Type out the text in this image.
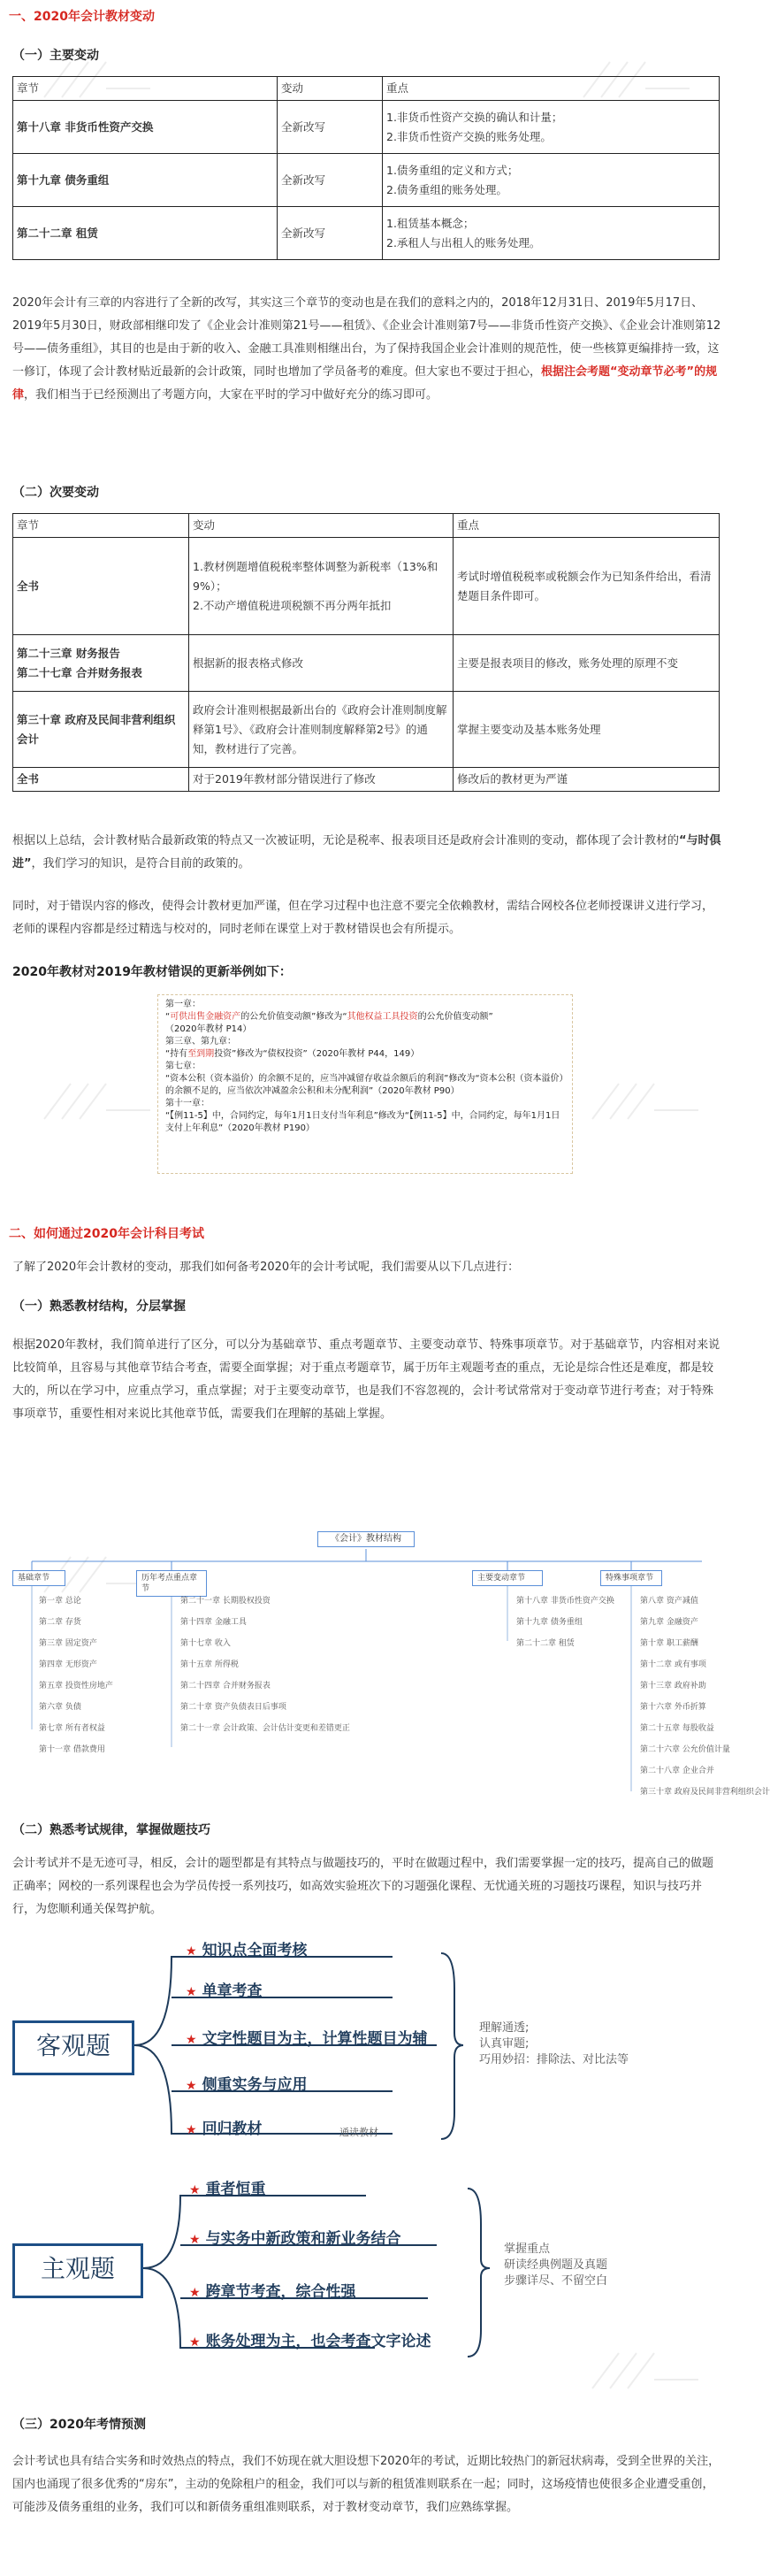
一、2020年会计教材变动
（一）主要变动
章节	变动	重点
第十八章 非货币性资产交换	全新改写	1.非货币性资产交换的确认和计量；
2.非货币性资产交换的账务处理。

第十九章 债务重组	全新改写	1.债务重组的定义和方式；
2.债务重组的账务处理。

第二十二章 租赁	全新改写	1.租赁基本概念；
2.承租人与出租人的账务处理。
2020年会计有三章的内容进行了全新的改写，其实这三个章节的变动也是在我们的意料之内的，2018年12月31日、2019年5月17日、2019年5月30日，财政部相继印发了《企业会计准则第21号——租赁》、《企业会计准则第7号——非货币性资产交换》、《企业会计准则第12号——债务重组》，其目的也是由于新的收入、金融工具准则相继出台，为了保持我国企业会计准则的规范性，使一些核算更编排持一致，这一修订，体现了会计教材贴近最新的会计政策，同时也增加了学员备考的难度。但大家也不要过于担心，根据注会考题“变动章节必考”的规律，我们相当于已经预测出了考题方向，大家在平时的学习中做好充分的练习即可。
（二）次要变动
章节	变动	重点
全书	1.教材例题增值税税率整体调整为新税率（13%和9%）；
2.不动产增值税进项税额不再分两年抵扣	考试时增值税税率或税额会作为已知条件给出，看清楚题目条件即可。
第二十三章 财务报告
第二十七章 合并财务报表	根据新的报表格式修改	主要是报表项目的修改，账务处理的原理不变
第三十章 政府及民间非营利组织会计	政府会计准则根据最新出台的《政府会计准则制度解释第1号》、《政府会计准则制度解释第2号》的通知，教材进行了完善。	掌握主要变动及基本账务处理
全书	对于2019年教材部分错误进行了修改	修改后的教材更为严谨
根据以上总结，会计教材贴合最新政策的特点又一次被证明，无论是税率、报表项目还是政府会计准则的变动，都体现了会计教材的“与时俱进”，我们学习的知识，是符合目前的政策的。
同时，对于错误内容的修改，使得会计教材更加严谨，但在学习过程中也注意不要完全依赖教材，需结合网校各位老师授课讲义进行学习，老师的课程内容都是经过精选与校对的，同时老师在课堂上对于教材错误也会有所提示。
2020年教材对2019年教材错误的更新举例如下：
第一章：
“可供出售金融资产的公允价值变动额”修改为“其他权益工具投资的公允价值变动额”
（2020年教材 P14）
第三章、第九章：
“持有至到期投资”修改为“债权投资”（2020年教材 P44，149）
第七章：
“资本公积（资本溢价）的余额不足的，应当冲减留存收益余额后的利润”修改为“资本公积（资本溢价）的余额不足的，应当依次冲减盈余公积和未分配利润”（2020年教材 P90）
第十一章：
“【例11-5】中，合同约定，每年1月1日支付当年利息”修改为“【例11-5】中，合同约定，每年1月1日支付上年利息”（2020年教材 P190）
二、如何通过2020年会计科目考试
了解了2020年会计教材的变动，那我们如何备考2020年的会计考试呢，我们需要从以下几点进行：
（一）熟悉教材结构，分层掌握
根据2020年教材，我们简单进行了区分，可以分为基础章节、重点考题章节、主要变动章节、特殊事项章节。对于基础章节，内容相对来说比较简单，且容易与其他章节结合考查，需要全面掌握；对于重点考题章节，属于历年主观题考查的重点，无论是综合性还是难度，都是较大的，所以在学习中，应重点学习，重点掌握；对于主要变动章节，也是我们不容忽视的，会计考试常常对于变动章节进行考查；对于特殊事项章节，重要性相对来说比其他章节低，需要我们在理解的基础上掌握。
《会计》教材结构
基础章节	历年考点重点章节
主要变动章节	特殊事项章节
第一章 总论
第二章 存货
第三章 固定资产
第四章 无形资产
第五章 投资性房地产
第六章 负债
第七章 所有者权益
第十一章 借款费用
第二十一章 长期股权投资
第十四章 金融工具
第十七章 收入
第十五章 所得税
第二十四章 合并财务报表
第二十章 资产负债表日后事项
第二十一章 会计政策、会计估计变更和差错更正
第十八章 非货币性资产交换
第十九章 债务重组
第二十二章 租赁
第八章 资产减值
第九章 金融资产
第十章 职工薪酬
第十二章 或有事项
第十三章 政府补助
第十六章 外币折算
第二十五章 每股收益
第二十六章 公允价值计量
第二十八章 企业合并
第三十章 政府及民间非营利组织会计
（二）熟悉考试规律，掌握做题技巧
会计考试并不是无迹可寻，相反，会计的题型都是有其特点与做题技巧的，平时在做题过程中，我们需要掌握一定的技巧，提高自己的做题正确率；网校的一系列课程也会为学员传授一系列技巧，如高效实验班次下的习题强化课程、无忧通关班的习题技巧课程，知识与技巧并行，为您顺利通关保驾护航。
客观题
★ 知识点全面考核
★ 单章考查
★ 文字性题目为主，计算性题目为辅
★ 侧重实务与应用
★ 回归教材	通读教材
理解通透;
认真审题;
巧用妙招：排除法、对比法等
主观题
★ 重者恒重
★ 与实务中新政策和新业务结合
★ 跨章节考查，综合性强
★ 账务处理为主，也会考查文字论述
掌握重点
研读经典例题及真题
步骤详尽、不留空白
（三）2020年考情预测
会计考试也具有结合实务和时效热点的特点，我们不妨现在就大胆设想下2020年的考试，近期比较热门的新冠状病毒，受到全世界的关注，国内也涌现了很多优秀的“房东”，主动的免除租户的租金，我们可以与新的租赁准则联系在一起；同时，这场疫情也使很多企业遭受重创，可能涉及债务重组的业务，我们可以和新债务重组准则联系，对于教材变动章节，我们应熟练掌握。
